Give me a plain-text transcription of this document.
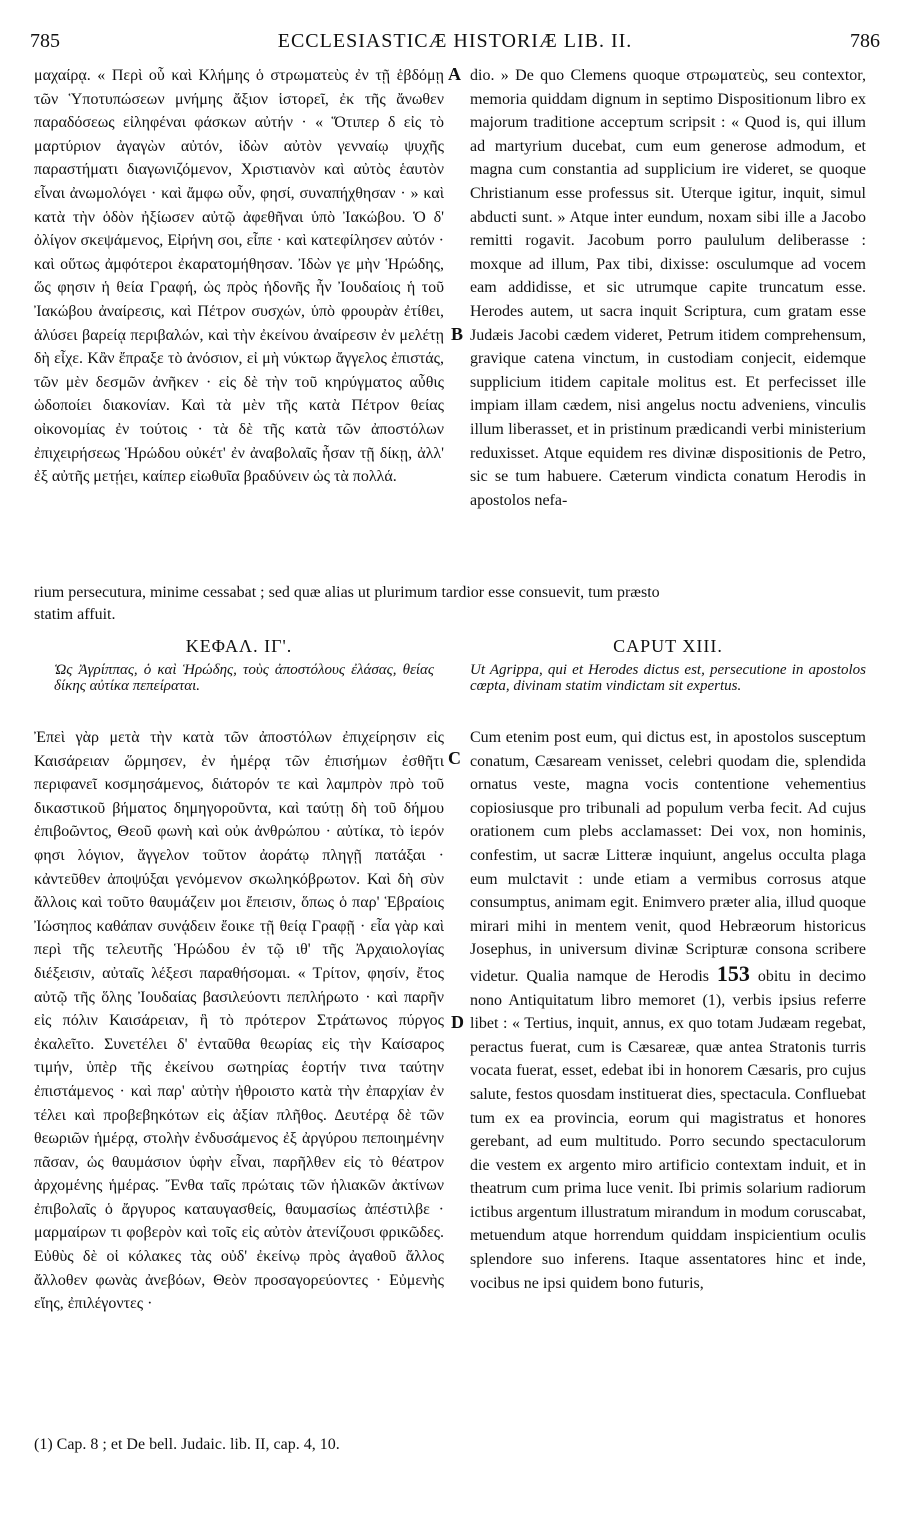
785	ECCLESIASTICÆ HISTORIÆ LIB. II.	786
A
B
C
D

μαχαίρᾳ. « Περὶ οὗ καὶ Κλήμης ὁ στρωματεὺς ἐν τῇ ἑβδόμῃ τῶν Ὑποτυπώσεων μνήμης ἄξιον ἱστορεῖ, ἐκ τῆς ἄνωθεν παραδόσεως εἰληφέναι φάσκων αὐτήν · « Ὅτιπερ δ εἰς τὸ μαρτύριον ἀγαγὼν αὐτόν, ἰδὼν αὐτὸν γενναίῳ ψυχῆς παραστήματι διαγωνιζόμενον, Χριστιανὸν καὶ αὐτὸς ἑαυτὸν εἶναι ἀνωμολόγει · καὶ ἄμφω οὖν, φησί, συναπήχθησαν · » καὶ κατὰ τὴν ὁδὸν ἠξίωσεν αὐτῷ ἀφεθῆναι ὑπὸ Ἰακώβου. Ὁ δ' ὀλίγον σκεψάμενος, Εἰρήνη σοι, εἶπε · καὶ κατεφίλησεν αὐτόν · καὶ οὕτως ἀμφότεροι ἐκαρατομήθησαν. Ἰδὼν γε μὴν Ἡρώδης, ὥς φησιν ἡ θεία Γραφή, ὡς πρὸς ἡδονῆς ἦν Ἰουδαίοις ἡ τοῦ Ἰακώβου ἀναίρεσις, καὶ Πέτρον συσχών, ὑπὸ φρουρὰν ἐτίθει, ἁλύσει βαρείᾳ περιβαλών, καὶ τὴν ἐκείνου ἀναίρεσιν ἐν μελέτῃ δὴ εἶχε. Κἂν ἔπραξε τὸ ἀνόσιον, εἰ μὴ νύκτωρ ἄγγελος ἐπιστάς, τῶν μὲν δεσμῶν ἀνῆκεν · εἰς δὲ τὴν τοῦ κηρύγματος αὖθις ὡδοποίει διακονίαν. Καὶ τὰ μὲν τῆς κατὰ Πέτρον θείας οἰκονομίας ἐν τούτοις · τὰ δὲ τῆς κατὰ τῶν ἀποστόλων ἐπιχειρήσεως Ἡρώδου οὐκέτ' ἐν ἀναβολαῖς ἦσαν τῇ δίκῃ, ἀλλ' ἐξ αὐτῆς μετῄει, καίπερ εἰωθυῖα βραδύνειν ὡς τὰ πολλά.

dio. » De quo Clemens quoque στρωματεὺς, seu contextor, memoria quiddam dignum in septimo Dispositionum libro ex majorum traditione accepτum scripsit : « Quod is, qui illum ad martyrium ducebat, cum eum generose admodum, et magna cum constantia ad supplicium ire videret, se quoque Christianum esse professus sit. Uterque igitur, inquit, simul abducti sunt. » Atque inter eundum, noxam sibi ille a Jacobo remitti rogavit. Jacobum porro paululum deliberasse : moxque ad illum, Pax tibi, dixisse: osculumque ad vocem eam addidisse, et sic utrumque capite truncatum esse. Herodes autem, ut sacra inquit Scriptura, cum gratam esse Judæis Jacobi cædem videret, Petrum itidem comprehensum, gravique catena vinctum, in custodiam conjecit, eidemque supplicium itidem capitale molitus est. Et perfecisset ille impiam illam cædem, nisi angelus noctu adveniens, vinculis illum liberasset, et in pristinum prædicandi verbi ministerium reduxisset. Atque equidem res divinæ dispositionis de Petro, sic se tum habuere. Cæterum vindicta conatum Herodis in apostolos nefa-

rium persecutura, minime cessabat ; sed quæ alias ut plurimum tardior esse consuevit, tum præsto
statim affuit.
ΚΕΦΑΛ. ΙΓ'.	CAPUT XIII.
Ὡς Ἀγρίππας, ὁ καὶ Ἡρώδης, τοὺς ἀποστόλους ἐλάσας, θείας δίκης αὐτίκα πεπείραται.
Ut Agrippa, qui et Herodes dictus est, persecutione in apostolos cœpta, divinam statim vindictam sit expertus.

Ἐπεὶ γὰρ μετὰ τὴν κατὰ τῶν ἀποστόλων ἐπιχείρησιν εἰς Καισάρειαν ὥρμησεν, ἐν ἡμέρᾳ τῶν ἐπισήμων ἐσθῆτι περιφανεῖ κοσμησάμενος, διάτορόν τε καὶ λαμπρὸν πρὸ τοῦ δικαστικοῦ βήματος δημηγοροῦντα, καὶ ταύτῃ δὴ τοῦ δήμου ἐπιβοῶντος, Θεοῦ φωνὴ καὶ οὐκ ἀνθρώπου · αὐτίκα, τὸ ἱερόν φησι λόγιον, ἄγγελον τοῦτον ἀοράτῳ πληγῇ πατάξαι · κἀντεῦθεν ἀποψύξαι γενόμενον σκωληκόβρωτον. Καὶ δὴ σὺν ἄλλοις καὶ τοῦτο θαυμάζειν μοι ἔπεισιν, ὅπως ὁ παρ' Ἑβραίοις Ἰώσηπος καθάπαν συνᾴδειν ἔοικε τῇ θείᾳ Γραφῇ · εἶα γὰρ καὶ περὶ τῆς τελευτῆς Ἡρώδου ἐν τῷ ιθ' τῆς Ἀρχαιολογίας διέξεισιν, αὐταῖς λέξεσι παραθήσομαι. « Τρίτον, φησίν, ἔτος αὐτῷ τῆς ὅλης Ἰουδαίας βασιλεύοντι πεπλήρωτο · καὶ παρῆν εἰς πόλιν Καισάρειαν, ἣ τὸ πρότερον Στράτωνος πύργος ἐκαλεῖτο. Συνετέλει δ' ἐνταῦθα θεωρίας εἰς τὴν Καίσαρος τιμήν, ὑπὲρ τῆς ἐκείνου σωτηρίας ἑορτήν τινα ταύτην ἐπιστάμενος · καὶ παρ' αὐτὴν ἠθροιστο κατὰ τὴν ἐπαρχίαν ἐν τέλει καὶ προβεβηκότων εἰς ἀξίαν πλῆθος. Δευτέρᾳ δὲ τῶν θεωριῶν ἡμέρᾳ, στολὴν ἐνδυσάμενος ἐξ ἀργύρου πεποιημένην πᾶσαν, ὡς θαυμάσιον ὑφὴν εἶναι, παρῆλθεν εἰς τὸ θέατρον ἀρχομένης ἡμέρας. Ἔνθα ταῖς πρώταις τῶν ἡλιακῶν ἀκτίνων ἐπιβολαῖς ὁ ἄργυρος καταυγασθείς, θαυμασίως ἀπέστιλβε · μαρμαίρων τι φοβερὸν καὶ τοῖς εἰς αὐτὸν ἀτενίζουσι φρικῶδες. Εὐθὺς δὲ οἱ κόλακες τὰς οὐδ' ἐκείνῳ πρὸς ἀγαθοῦ ἄλλος ἄλλοθεν φωνὰς ἀνεβόων, Θεὸν προσαγορεύοντες · Εὐμενὴς εἴης, ἐπιλέγοντες ·

Cum etenim post eum, qui dictus est, in apostolos susceptum conatum, Cæsaream venisset, celebri quodam die, splendida ornatus veste, magna vocis contentione vehementius copiosiusque pro tribunali ad populum verba fecit. Ad cujus orationem cum plebs acclamasset: Dei vox, non hominis, confestim, ut sacræ Litteræ inquiunt, angelus occulta plaga eum mulctavit : unde etiam a vermibus corrosus atque consumptus, animam egit. Enimvero præter alia, illud quoque mirari mihi in mentem venit, quod Hebræorum historicus Josephus, in universum divinæ Scripturæ consona scribere videtur. Qualia namque de Herodis 153 obitu in decimo nono Antiquitatum libro memoret (1), verbis ipsius referre libet : « Tertius, inquit, annus, ex quo totam Judæam regebat, peractus fuerat, cum is Cæsareæ, quæ antea Stratonis turris vocata fuerat, esset, edebat ibi in honorem Cæsaris, pro cujus salute, festos quosdam instituerat dies, spectacula. Confluebat tum ex ea provincia, eorum qui magistratus et honores gerebant, ad eum multitudo. Porro secundo spectaculorum die vestem ex argento miro artificio contextam induit, et in theatrum cum prima luce venit. Ibi primis solarium radiorum ictibus argentum illustratum mirandum in modum coruscabat, metuendum atque horrendum quiddam inspicientium oculis splendore suo inferens. Itaque assentatores hinc et inde, vocibus ne ipsi quidem bono futuris,

(1) Cap. 8 ; et De bell. Judaic. lib. II, cap. 4, 10.
